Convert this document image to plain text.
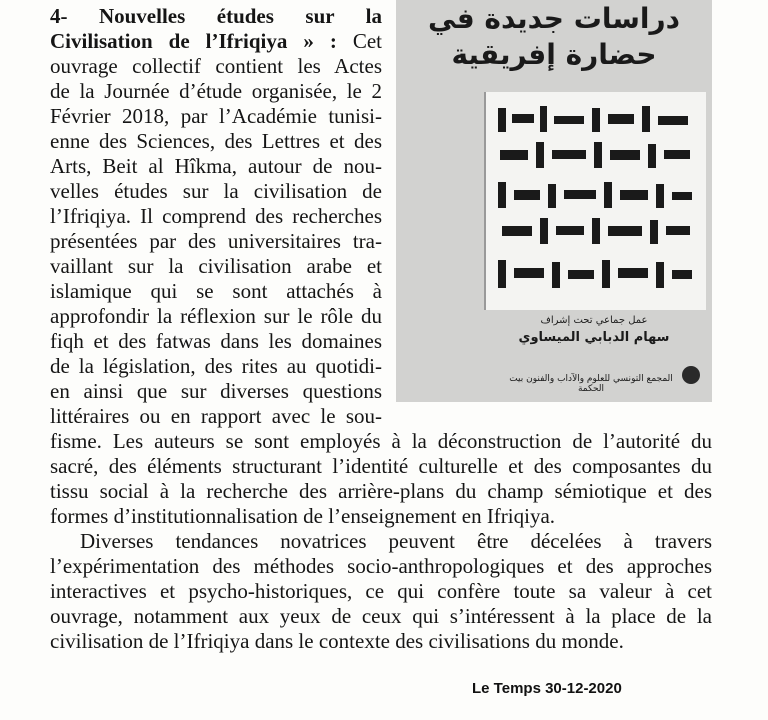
دراسات جديدة في
حضارة إفريقية
عمل جماعي تحت إشراف
سهام الدبابي الميساوي
المجمع التونسي للعلوم والآداب والفنون بيت الحكمة
4- Nouvelles études sur la
Civilisation de l’Ifriqiya » : Cet
ouvrage collectif contient les Actes
de la Journée d’étude organisée, le 2
Février 2018, par l’Académie tunisi-
enne des Sciences, des Lettres et des
Arts, Beit al Hîkma, autour de nou-
velles études sur la civilisation de
l’Ifriqiya. Il comprend des recherches
présentées par des universitaires tra-
vaillant sur la civilisation arabe et
islamique qui se sont attachés à
approfondir la réflexion sur le rôle du
fiqh et des fatwas dans les domaines
de la législation, des rites au quotidi-
en ainsi que sur diverses questions
littéraires ou en rapport avec le sou-
fisme. Les auteurs se sont employés à la déconstruction de l’autorité du
sacré, des éléments structurant l’identité culturelle et des composantes du
tissu social à la recherche des arrière-plans du champ sémiotique et des
formes d’institutionnalisation de l’enseignement en Ifriqiya.
Diverses tendances novatrices peuvent être décelées à travers
l’expérimentation des méthodes socio-anthropologiques et des approches
interactives et psycho-historiques, ce qui confère toute sa valeur à cet
ouvrage, notamment aux yeux de ceux qui s’intéressent à la place de la
civilisation de l’Ifriqiya dans le contexte des civilisations du monde.
Le Temps 30-12-2020
